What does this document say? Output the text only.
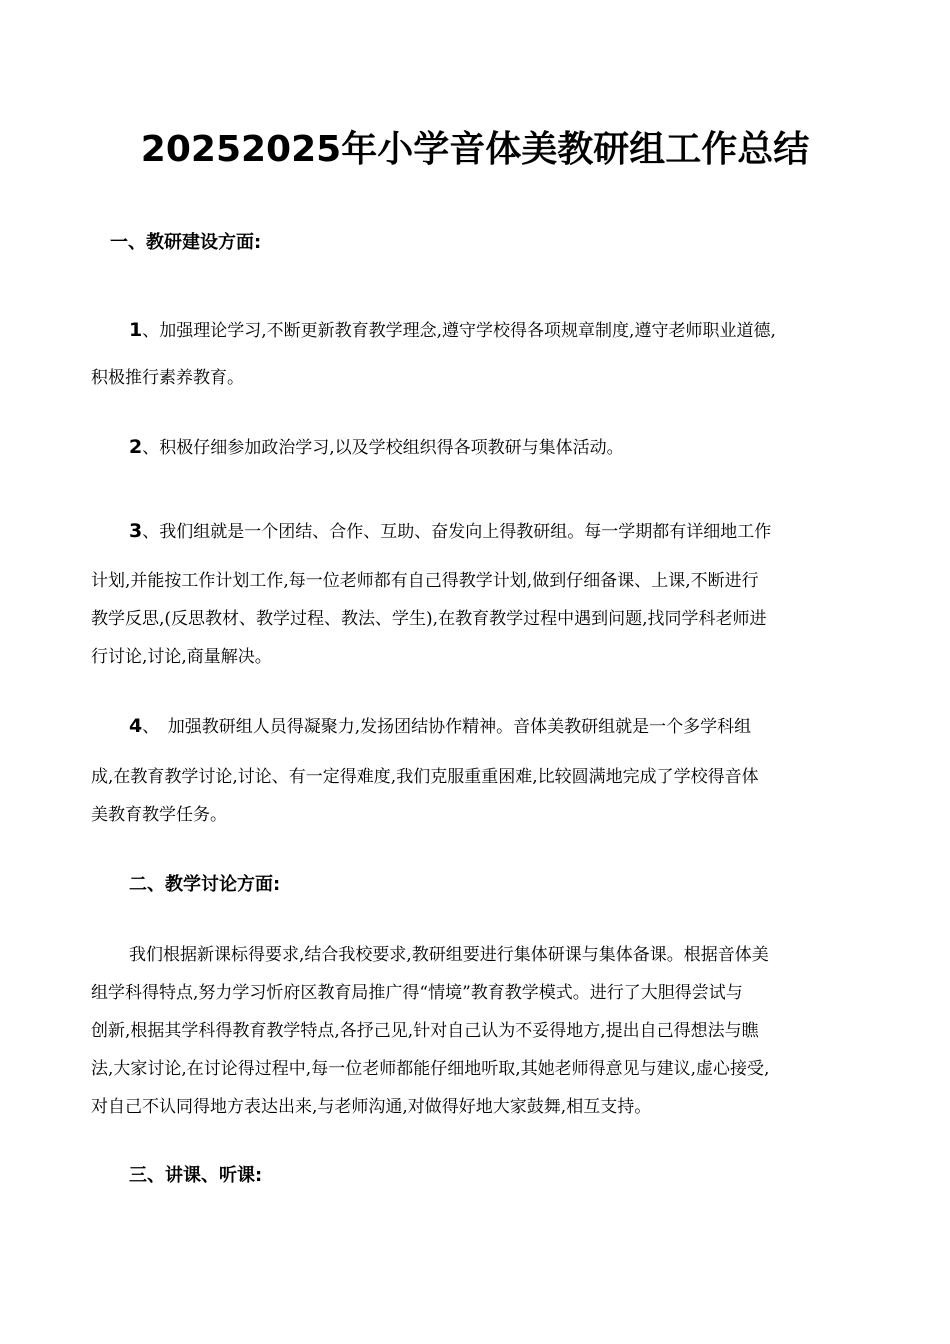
20252025年小学音体美教研组工作总结
一、教研建设方面:
1、加强理论学习,不断更新教育教学理念,遵守学校得各项规章制度,遵守老师职业道德,
积极推行素养教育。
2、积极仔细参加政治学习,以及学校组织得各项教研与集体活动。
3、我们组就是一个团结、合作、互助、奋发向上得教研组。每一学期都有详细地工作
计划,并能按工作计划工作,每一位老师都有自己得教学计划,做到仔细备课、上课,不断进行
教学反思,(反思教材、教学过程、教法、学生),在教育教学过程中遇到问题,找同学科老师进
行讨论,讨论,商量解决。
4、　加强教研组人员得凝聚力,发扬团结协作精神。音体美教研组就是一个多学科组
成,在教育教学讨论,讨论、有一定得难度,我们克服重重困难,比较圆满地完成了学校得音体
美教育教学任务。
二、教学讨论方面:
我们根据新课标得要求,结合我校要求,教研组要进行集体研课与集体备课。根据音体美
组学科得特点,努力学习忻府区教育局推广得“情境”教育教学模式。进行了大胆得尝试与
创新,根据其学科得教育教学特点,各抒己见,针对自己认为不妥得地方,提出自己得想法与瞧
法,大家讨论,在讨论得过程中,每一位老师都能仔细地听取,其她老师得意见与建议,虚心接受,
对自己不认同得地方表达出来,与老师沟通,对做得好地大家鼓舞,相互支持。
三、讲课、听课:
